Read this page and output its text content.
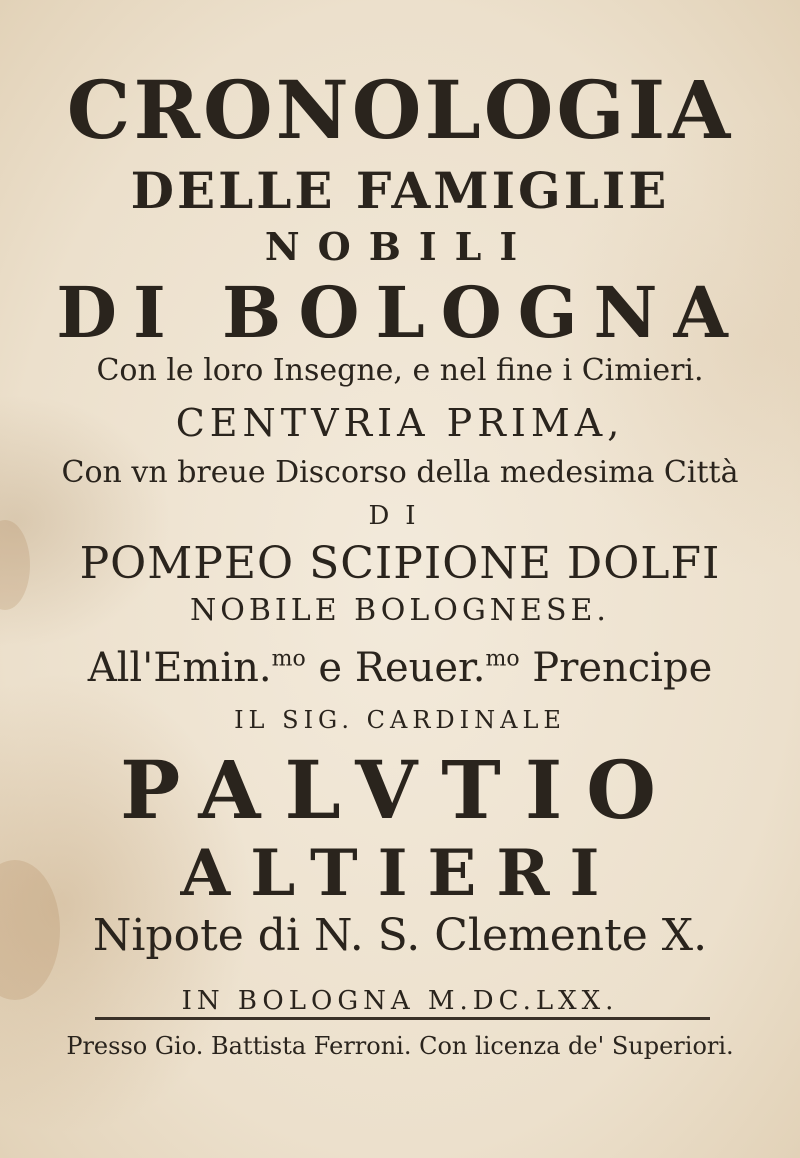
CRONOLOGIA
DELLE FAMIGLIE
NOBILI
DI BOLOGNA
Con le loro Insegne, e nel fine i Cimieri.
CENTVRIA PRIMA,
Con vn breue Discorso della medesima Città
DI
POMPEO SCIPIONE DOLFI
NOBILE BOLOGNESE.
All'Emin.$^{mo}$ e Reuer.$^{mo}$ Prencipe
IL SIG. CARDINALE
PALVTIO
ALTIERI
Nipote di N. S. Clemente X.
IN BOLOGNA M.DC.LXX.
Presso Gio. Battista Ferroni. Con licenza de' Superiori.
